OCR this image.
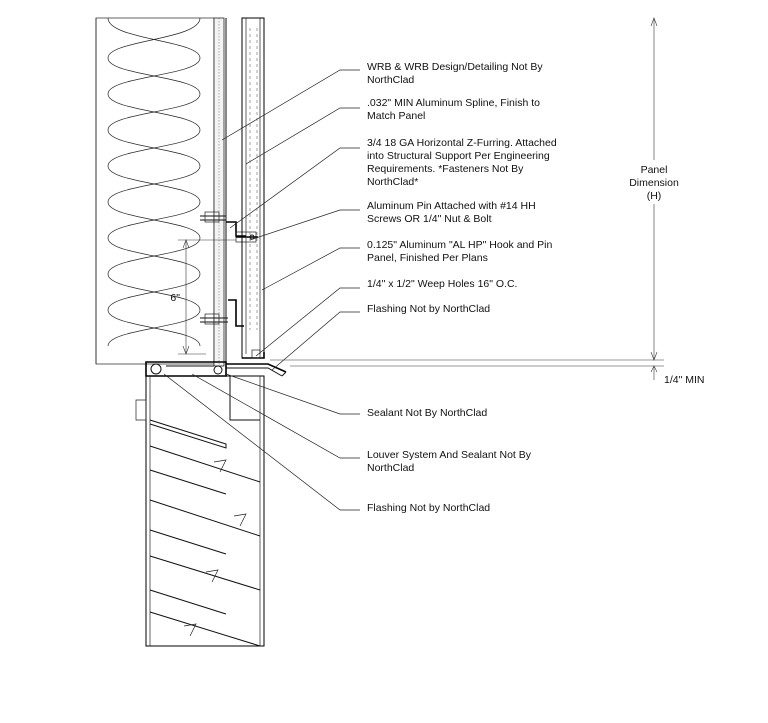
6"
Panel
Dimension
(H)
1/4" MIN
WRB & WRB Design/Detailing Not By
NorthClad
.032" MIN Aluminum Spline, Finish to
Match Panel
3/4 18 GA Horizontal Z-Furring. Attached
into Structural Support Per Engineering
Requirements. *Fasteners Not By
NorthClad*
Aluminum Pin Attached with #14 HH
Screws OR 1/4" Nut & Bolt
0.125" Aluminum "AL HP" Hook and Pin
Panel, Finished Per Plans
1/4" x 1/2" Weep Holes 16" O.C.
Flashing Not by NorthClad
Sealant Not By NorthClad
Louver System And Sealant Not By
NorthClad
Flashing Not by NorthClad
